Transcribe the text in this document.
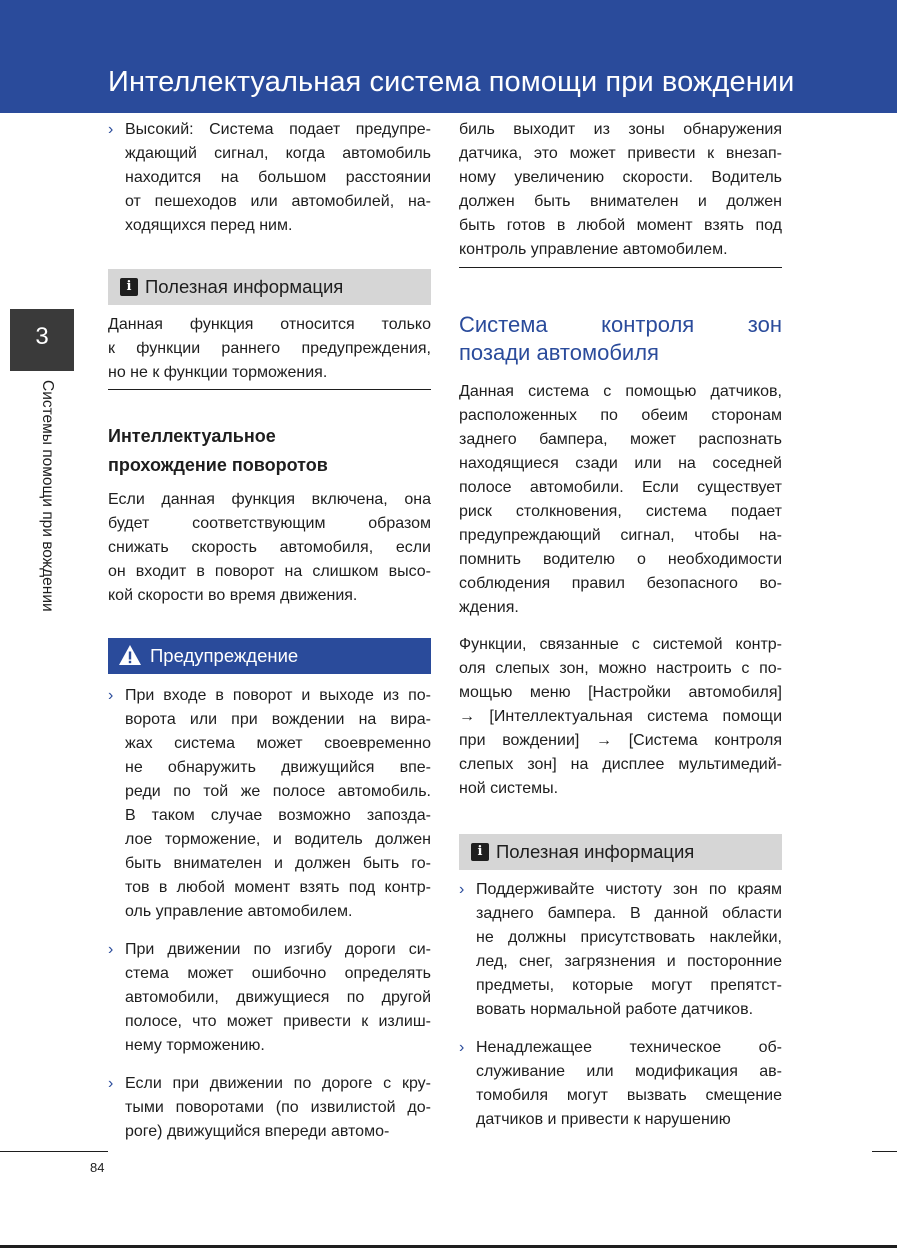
Интеллектуальная система помощи при вождении
3
Системы помощи при вождении
› Высокий: Система подает предупре-
ждающий сигнал, когда автомобиль
находится на большом расстоянии
от пешеходов или автомобилей, на-
ходящихся перед ним.

i Полезная информация

Данная функция относится только
к функции раннего предупреждения,
но не к функции торможения.

Интеллектуальное
прохождение поворотов

Если данная функция включена, она
будет соответствующим образом
снижать скорость автомобиля, если
он входит в поворот на слишком высо-
кой скорости во время движения.

Предупреждение
› При входе в поворот и выходе из по-
ворота или при вождении на вира-
жах система может своевременно
не обнаружить движущийся впе-
реди по той же полосе автомобиль.
В таком случае возможно запозда-
лое торможение, и водитель должен
быть внимателен и должен быть го-
тов в любой момент взять под контр-
оль управление автомобилем.

› При движении по изгибу дороги си-
стема может ошибочно определять
автомобили, движущиеся по другой
полосе, что может привести к излиш-
нему торможению.

› Если при движении по дороге с кру-
тыми поворотами (по извилистой до-
роге) движущийся впереди автомо-

биль выходит из зоны обнаружения
датчика, это может привести к внезап-
ному увеличению скорости. Водитель
должен быть внимателен и должен
быть готов в любой момент взять под
контроль управление автомобилем.

Система контроля зон
позади автомобиля

Данная система с помощью датчиков,
расположенных по обеим сторонам
заднего бампера, может распознать
находящиеся сзади или на соседней
полосе автомобили. Если существует
риск столкновения, система подает
предупреждающий сигнал, чтобы на-
помнить водителю о необходимости
соблюдения правил безопасного во-
ждения.

Функции, связанные с системой контр-
оля слепых зон, можно настроить с по-
мощью меню [Настройки автомобиля]
→ [Интеллектуальная система помощи
при вождении] → [Система контроля
слепых зон] на дисплее мультимедий-
ной системы.

i Полезная информация
› Поддерживайте чистоту зон по краям
заднего бампера. В данной области
не должны присутствовать наклейки,
лед, снег, загрязнения и посторонние
предметы, которые могут препятст-
вовать нормальной работе датчиков.

› Ненадлежащее техническое об-
служивание или модификация ав-
томобиля могут вызвать смещение
датчиков и привести к нарушению

84
